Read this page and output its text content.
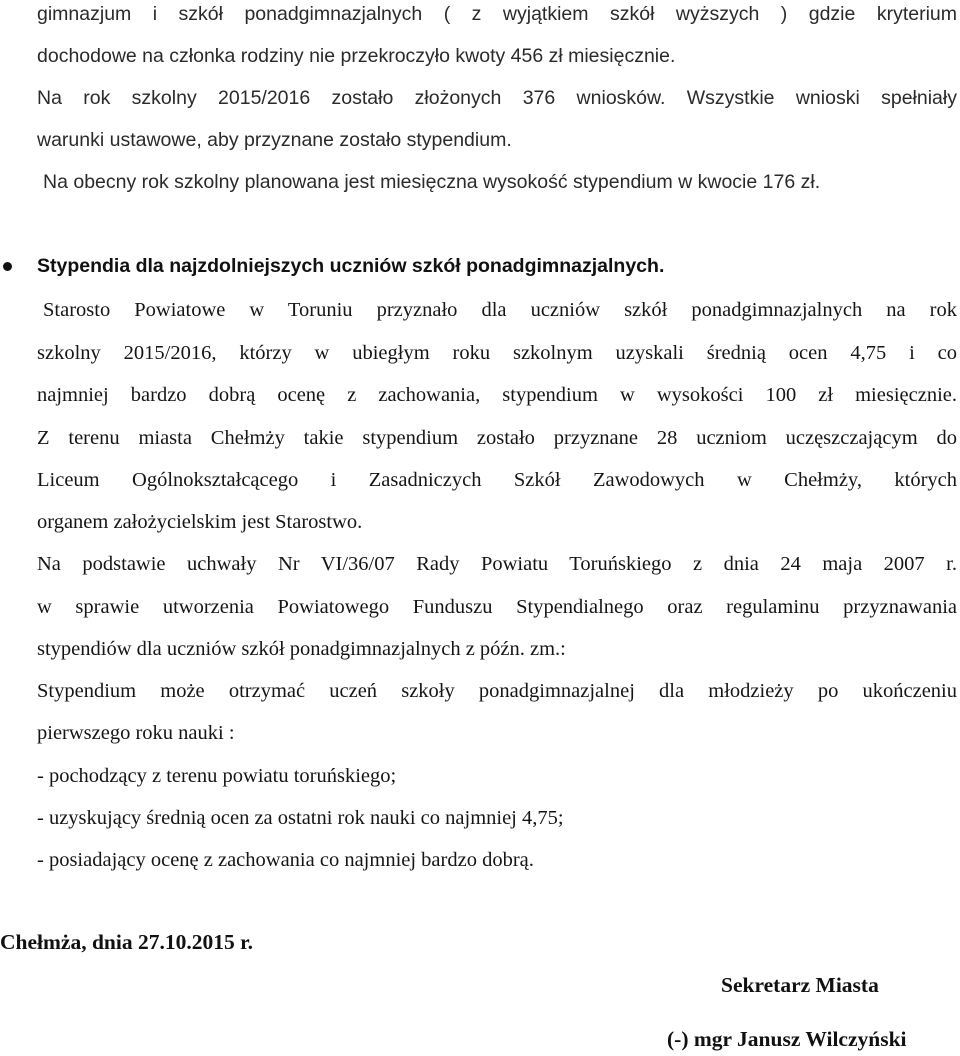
gimnazjum i szkół ponadgimnazjalnych ( z wyjątkiem szkół wyższych ) gdzie kryterium
dochodowe na członka rodziny nie przekroczyło kwoty 456 zł miesięcznie.
Na rok szkolny 2015/2016 zostało złożonych 376 wniosków. Wszystkie wnioski spełniały
warunki ustawowe, aby przyznane zostało stypendium.
Na obecny rok szkolny planowana jest miesięczna wysokość stypendium w kwocie 176 zł.
Stypendia dla najzdolniejszych uczniów szkół ponadgimnazjalnych.
Starosto Powiatowe w Toruniu przyznało dla uczniów szkół ponadgimnazjalnych na rok
szkolny 2015/2016, którzy w ubiegłym roku szkolnym uzyskali średnią ocen 4,75 i co
najmniej bardzo dobrą ocenę z zachowania, stypendium w wysokości 100 zł miesięcznie.
Z terenu miasta Chełmży takie stypendium zostało przyznane 28 uczniom uczęszczającym do
Liceum Ogólnokształcącego i Zasadniczych Szkół Zawodowych w Chełmży, których
organem założycielskim jest Starostwo.
Na podstawie uchwały Nr VI/36/07 Rady Powiatu Toruńskiego z dnia 24 maja 2007 r.
w sprawie utworzenia Powiatowego Funduszu Stypendialnego oraz regulaminu przyznawania
stypendiów dla uczniów szkół ponadgimnazjalnych z późn. zm.:
Stypendium może otrzymać uczeń szkoły ponadgimnazjalnej dla młodzieży po ukończeniu
pierwszego roku nauki :
- pochodzący z terenu powiatu toruńskiego;
- uzyskujący średnią ocen za ostatni rok nauki co najmniej 4,75;
- posiadający ocenę z zachowania co najmniej bardzo dobrą.
Chełmża, dnia 27.10.2015 r.
Sekretarz Miasta
(-) mgr Janusz Wilczyński
